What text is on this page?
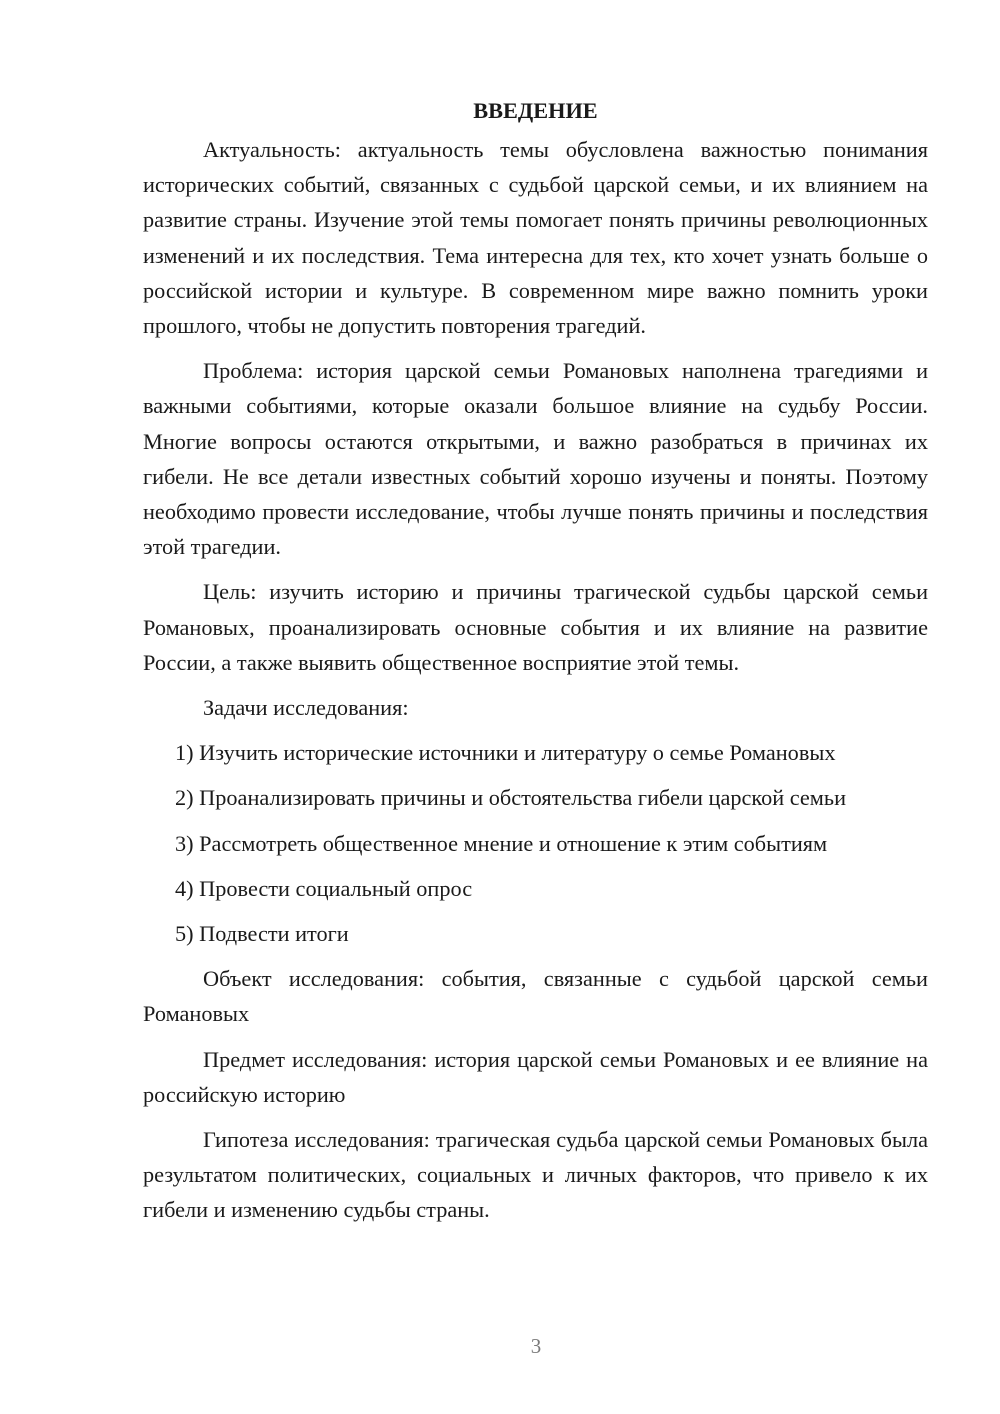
ВВЕДЕНИЕ

Актуальность: актуальность темы обусловлена важностью понимания исторических событий, связанных с судьбой царской семьи, и их влиянием на развитие страны. Изучение этой темы помогает понять причины революционных изменений и их последствия. Тема интересна для тех, кто хочет узнать больше о российской истории и культуре. В современном мире важно помнить уроки прошлого, чтобы не допустить повторения трагедий.

Проблема: история царской семьи Романовых наполнена трагедиями и важными событиями, которые оказали большое влияние на судьбу России. Многие вопросы остаются открытыми, и важно разобраться в причинах их гибели. Не все детали известных событий хорошо изучены и поняты. Поэтому необходимо провести исследование, чтобы лучше понять причины и последствия этой трагедии.

Цель: изучить историю и причины трагической судьбы царской семьи Романовых, проанализировать основные события и их влияние на развитие России, а также выявить общественное восприятие этой темы.

Задачи исследования:

1) Изучить исторические источники и литературу о семье Романовых

2) Проанализировать причины и обстоятельства гибели царской семьи

3) Рассмотреть общественное мнение и отношение к этим событиям

4) Провести социальный опрос

5) Подвести итоги

Объект исследования: события, связанные с судьбой царской семьи Романовых

Предмет исследования: история царской семьи Романовых и ее влияние на российскую историю

Гипотеза исследования: трагическая судьба царской семьи Романовых была результатом политических, социальных и личных факторов, что привело к их гибели и изменению судьбы страны.

3
